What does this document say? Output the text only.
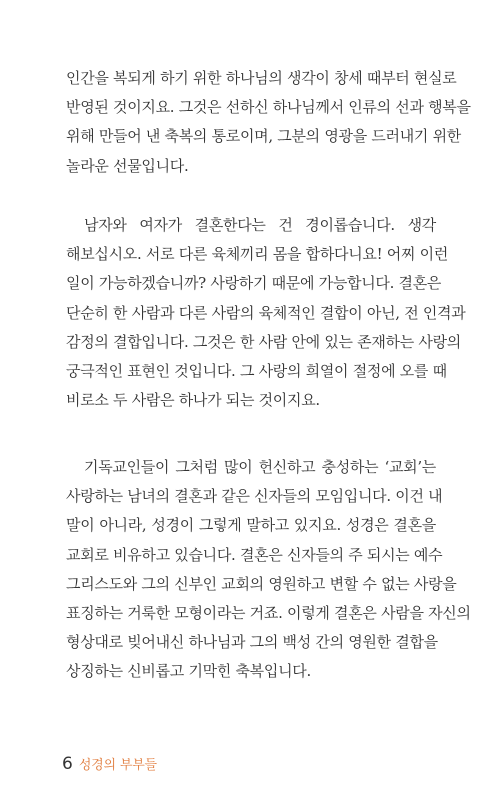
인간을 복되게 하기 위한 하나님의 생각이 창세 때부터 현실로
반영된 것이지요. 그것은 선하신 하나님께서 인류의 선과 행복을
위해 만들어 낸 축복의 통로이며, 그분의 영광을 드러내기 위한
놀라운 선물입니다.

남자와 여자가 결혼한다는 건 경이롭습니다. 생각
해보십시오. 서로 다른 육체끼리 몸을 합하다니요! 어찌 이런
일이 가능하겠습니까? 사랑하기 때문에 가능합니다. 결혼은
단순히 한 사람과 다른 사람의 육체적인 결합이 아닌, 전 인격과
감정의 결합입니다. 그것은 한 사람 안에 있는 존재하는 사랑의
궁극적인 표현인 것입니다. 그 사랑의 희열이 절정에 오를 때
비로소 두 사람은 하나가 되는 것이지요.

기독교인들이 그처럼 많이 헌신하고 충성하는 ‘교회’는
사랑하는 남녀의 결혼과 같은 신자들의 모임입니다. 이건 내
말이 아니라, 성경이 그렇게 말하고 있지요. 성경은 결혼을
교회로 비유하고 있습니다. 결혼은 신자들의 주 되시는 예수
그리스도와 그의 신부인 교회의 영원하고 변할 수 없는 사랑을
표징하는 거룩한 모형이라는 거죠. 이렇게 결혼은 사람을 자신의
형상대로 빚어내신 하나님과 그의 백성 간의 영원한 결합을
상징하는 신비롭고 기막힌 축복입니다.

6 성경의 부부들
